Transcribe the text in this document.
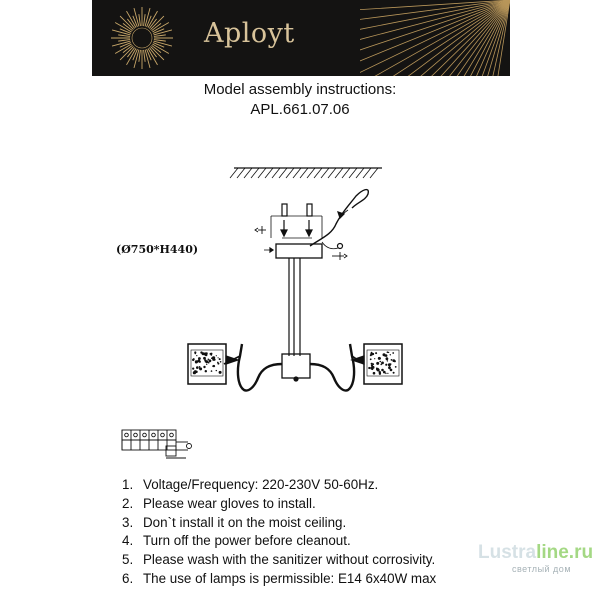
Aployt
Model assembly instructions:
APL.661.07.06
(Ø750*H440)
1. Voltage/Frequency: 220-230V 50-60Hz.
2. Please wear gloves to install.
3. Don`t install it on the moist ceiling.
4. Turn off the power before cleanout.
5. Please wash with the sanitizer without corrosivity.
6. The use of lamps is permissible: E14 6x40W max
Lustraline.ru
светлый дом
